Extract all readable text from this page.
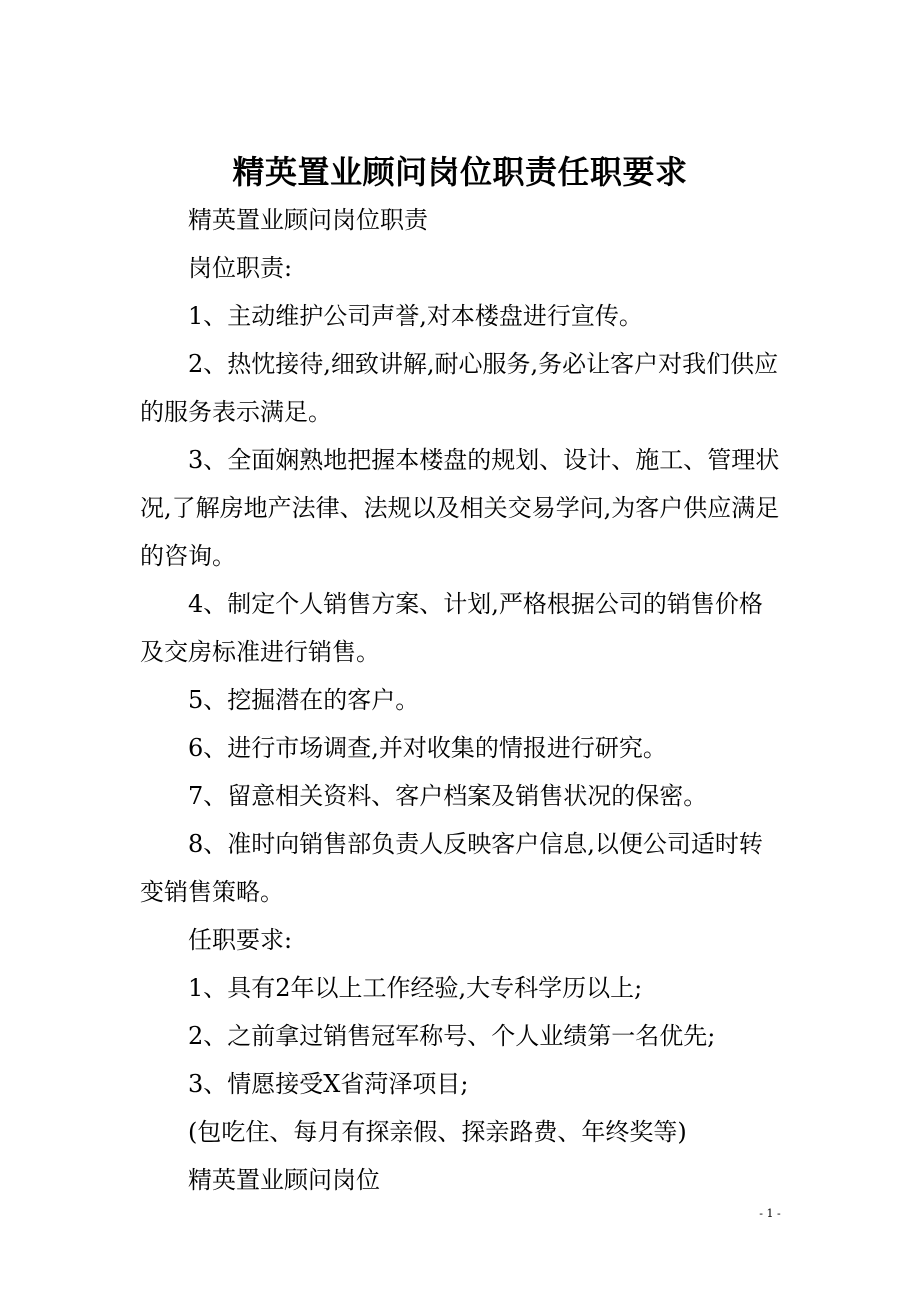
精英置业顾问岗位职责任职要求

精英置业顾问岗位职责

岗位职责:

1、主动维护公司声誉,对本楼盘进行宣传。

2、热忱接待,细致讲解,耐心服务,务必让客户对我们供应的服务表示满足。

3、全面娴熟地把握本楼盘的规划、设计、施工、管理状况,了解房地产法律、法规以及相关交易学问,为客户供应满足的咨询。

4、制定个人销售方案、计划,严格根据公司的销售价格及交房标准进行销售。

5、挖掘潜在的客户。

6、进行市场调查,并对收集的情报进行研究。

7、留意相关资料、客户档案及销售状况的保密。

8、准时向销售部负责人反映客户信息,以便公司适时转变销售策略。

任职要求:

1、具有2年以上工作经验,大专科学历以上;

2、之前拿过销售冠军称号、个人业绩第一名优先;

3、情愿接受X省菏泽项目;

(包吃住、每月有探亲假、探亲路费、年终奖等)

精英置业顾问岗位

- 1 -
